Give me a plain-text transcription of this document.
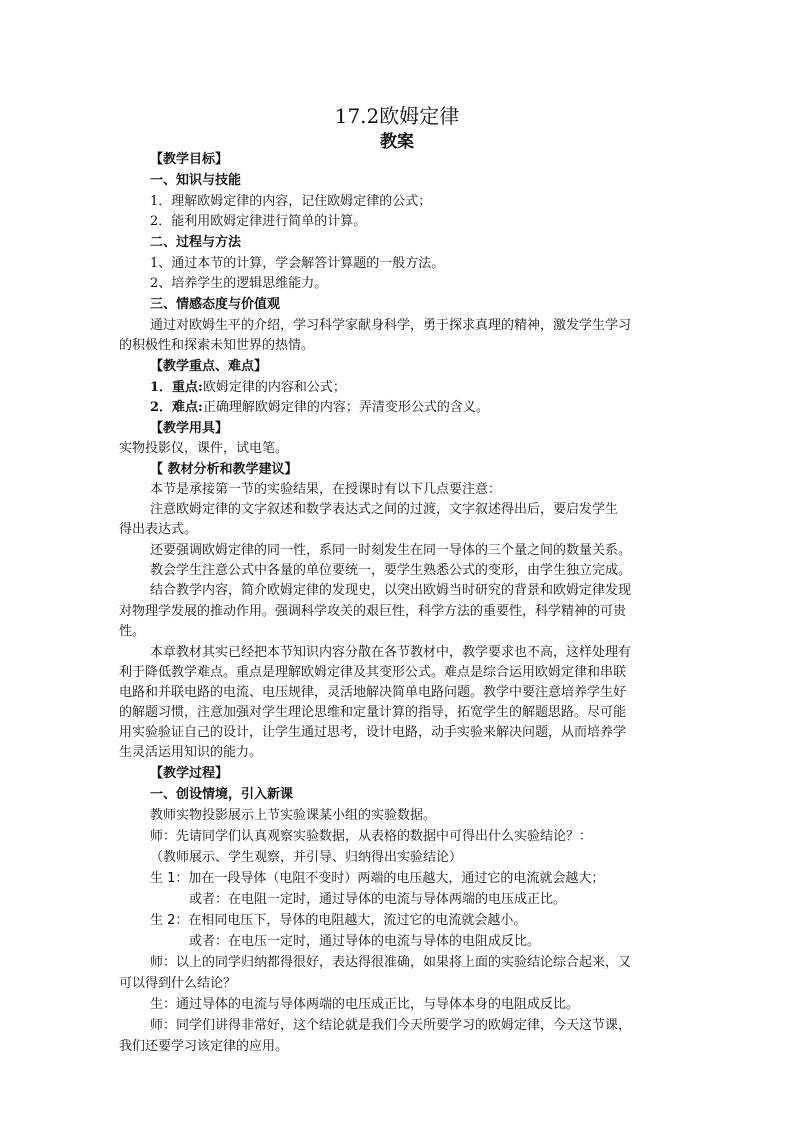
17.2欧姆定律
教案
【教学目标】
一、知识与技能
1．理解欧姆定律的内容，记住欧姆定律的公式；
2．能利用欧姆定律进行简单的计算。
二、过程与方法
1、通过本节的计算，学会解答计算题的一般方法。
2、培养学生的逻辑思维能力。
三、情感态度与价值观
通过对欧姆生平的介绍，学习科学家献身科学，勇于探求真理的精神，激发学生学习
的积极性和探索未知世界的热情。
【教学重点、难点】
1．重点:欧姆定律的内容和公式；
2．难点:正确理解欧姆定律的内容；弄清变形公式的含义。
【教学用具】
实物投影仪，课件，试电笔。
【 教材分析和教学建议】
本节是承接第一节的实验结果，在授课时有以下几点要注意：
注意欧姆定律的文字叙述和数学表达式之间的过渡，文字叙述得出后，要启发学生
得出表达式。
还要强调欧姆定律的同一性，系同一时刻发生在同一导体的三个量之间的数量关系。
教会学生注意公式中各量的单位要统一，要学生熟悉公式的变形，由学生独立完成。
结合教学内容，简介欧姆定律的发现史，以突出欧姆当时研究的背景和欧姆定律发现
对物理学发展的推动作用。强调科学攻关的艰巨性，科学方法的重要性，科学精神的可贵
性。
本章教材其实已经把本节知识内容分散在各节教材中，教学要求也不高，这样处理有
利于降低教学难点。重点是理解欧姆定律及其变形公式。难点是综合运用欧姆定律和串联
电路和并联电路的电流、电压规律，灵活地解决简单电路问题。教学中要注意培养学生好
的解题习惯，注意加强对学生理论思维和定量计算的指导，拓宽学生的解题思路。尽可能
用实验验证自己的设计，让学生通过思考，设计电路，动手实验来解决问题，从而培养学
生灵活运用知识的能力。
【教学过程】
一、创设情境，引入新课
教师实物投影展示上节实验课某小组的实验数据。
师：先请同学们认真观察实验数据，从表格的数据中可得出什么实验结论？：
（教师展示、学生观察，并引导、归纳得出实验结论）
生 1：加在一段导体（电阻不变时）两端的电压越大，通过它的电流就会越大；
或者：在电阻一定时，通过导体的电流与导体两端的电压成正比。
生 2：在相同电压下，导体的电阻越大，流过它的电流就会越小。
或者：在电压一定时，通过导体的电流与导体的电阻成反比。
师：以上的同学归纳都得很好，表达得很准确，如果将上面的实验结论综合起来，又
可以得到什么结论？
生：通过导体的电流与导体两端的电压成正比，与导体本身的电阻成反比。
师：同学们讲得非常好，这个结论就是我们今天所要学习的欧姆定律，今天这节课，
我们还要学习该定律的应用。
